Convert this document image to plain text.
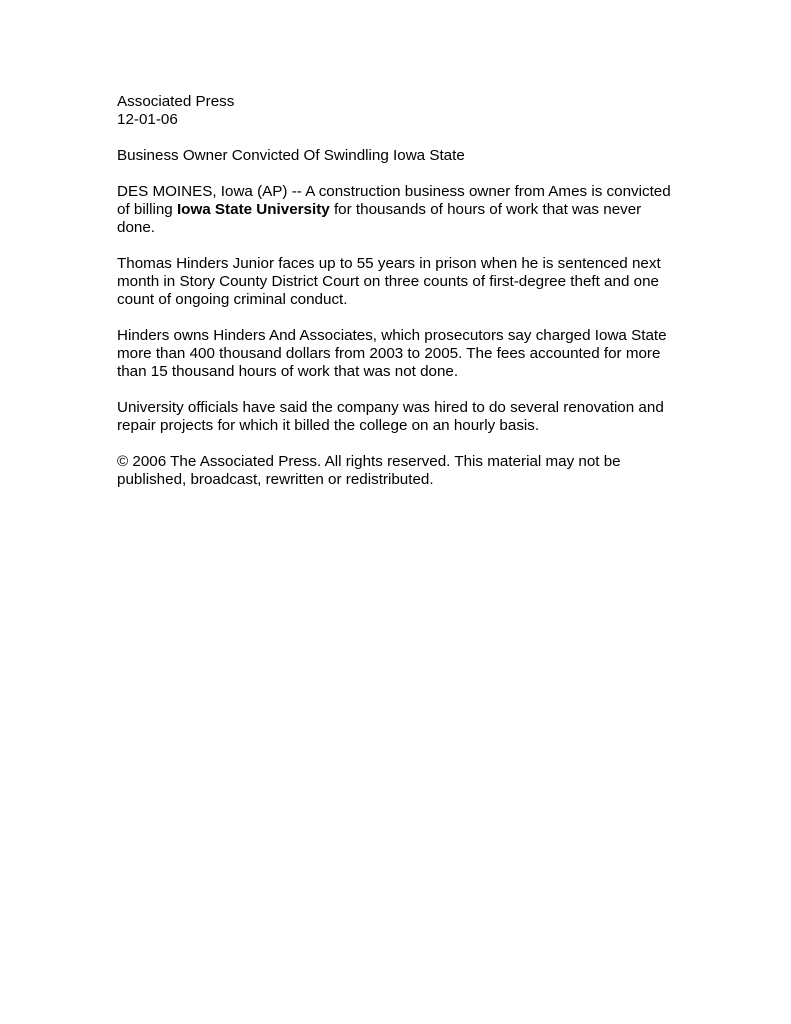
Associated Press

12-01-06

Business Owner Convicted Of Swindling Iowa State

DES MOINES, Iowa (AP) -- A construction business owner from Ames is convicted of billing Iowa State University for thousands of hours of work that was never done.

Thomas Hinders Junior faces up to 55 years in prison when he is sentenced next month in Story County District Court on three counts of first-degree theft and one count of ongoing criminal conduct.

Hinders owns Hinders And Associates, which prosecutors say charged Iowa State more than 400 thousand dollars from 2003 to 2005. The fees accounted for more than 15 thousand hours of work that was not done.

University officials have said the company was hired to do several renovation and repair projects for which it billed the college on an hourly basis.

© 2006 The Associated Press. All rights reserved. This material may not be published, broadcast, rewritten or redistributed.
